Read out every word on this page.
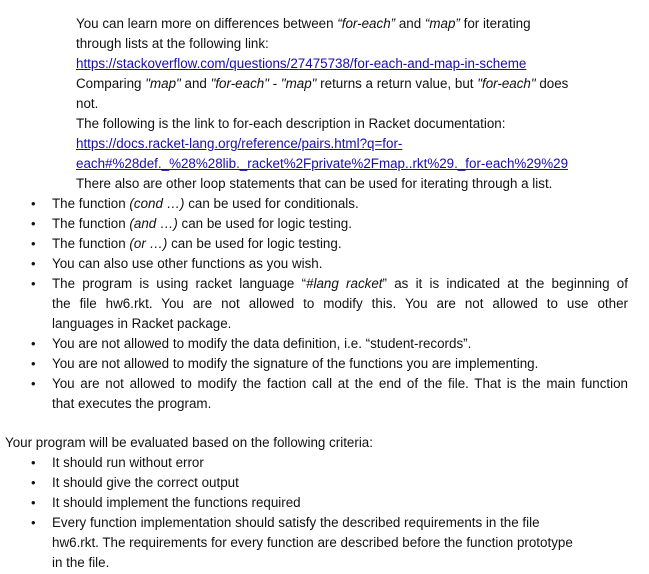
You can learn more on differences between “for-each” and “map” for iterating
through lists at the following link:
https://stackoverflow.com/questions/27475738/for-each-and-map-in-scheme
Comparing "map" and "for-each" - "map" returns a return value, but "for-each" does
not.
The following is the link to for-each description in Racket documentation:
https://docs.racket-lang.org/reference/pairs.html?q=for-
each#%28def._%28%28lib._racket%2Fprivate%2Fmap..rkt%29._for-each%29%29
There also are other loop statements that can be used for iterating through a list.
• The function (cond …) can be used for conditionals.
• The function (and …) can be used for logic testing.
• The function (or …) can be used for logic testing.
• You can also use other functions as you wish.
• The program is using racket language “#lang racket” as it is indicated at the beginning of
the file hw6.rkt. You are not allowed to modify this. You are not allowed to use other
languages in Racket package.
• You are not allowed to modify the data definition, i.e. “student-records”.
• You are not allowed to modify the signature of the functions you are implementing.
• You are not allowed to modify the faction call at the end of the file. That is the main function
that executes the program.
Your program will be evaluated based on the following criteria:
• It should run without error
• It should give the correct output
• It should implement the functions required
• Every function implementation should satisfy the described requirements in the file
hw6.rkt. The requirements for every function are described before the function prototype
in the file.
